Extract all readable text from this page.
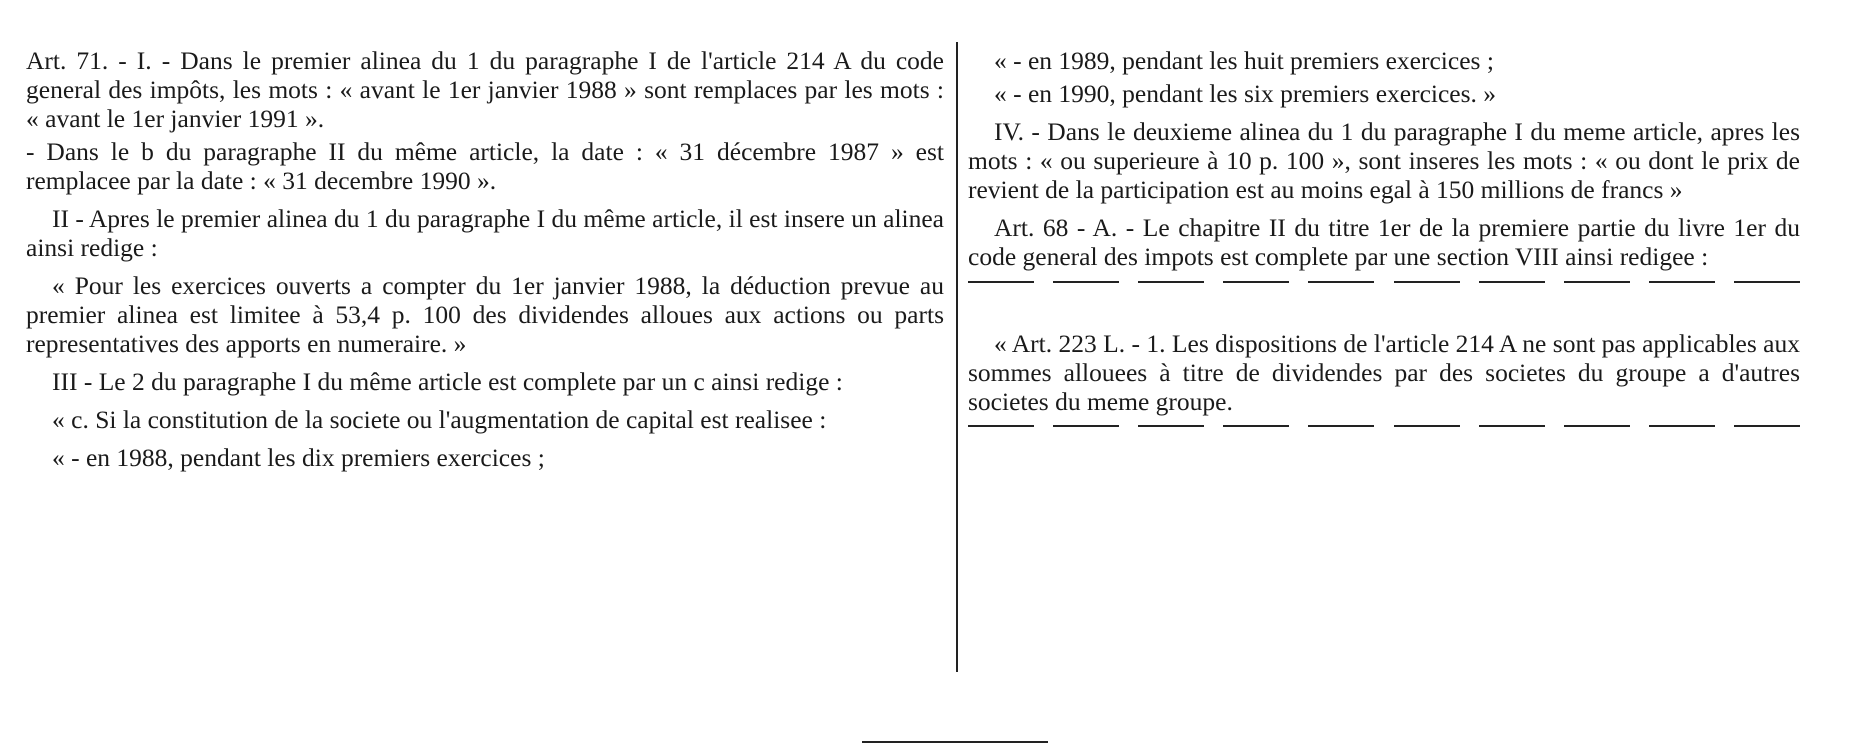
Art. 71. - I. - Dans le premier alinea du 1 du paragraphe I de l'article 214 A du code general des impôts, les mots : « avant le 1er janvier 1988 » sont remplaces par les mots : « avant le 1er janvier 1991 ».

- Dans le b du paragraphe II du même article, la date : « 31 décembre 1987 » est remplacee par la date : « 31 decembre 1990 ».

II - Apres le premier alinea du 1 du paragraphe I du même article, il est insere un alinea ainsi redige :

« Pour les exercices ouverts a compter du 1er janvier 1988, la déduction prevue au premier alinea est limitee à 53,4 p. 100 des dividendes alloues aux actions ou parts representatives des apports en numeraire. »

III - Le 2 du paragraphe I du même article est complete par un c ainsi redige :

« c. Si la constitution de la societe ou l'augmentation de capital est realisee :

« - en 1988, pendant les dix premiers exercices ;

« - en 1989, pendant les huit premiers exercices ;

« - en 1990, pendant les six premiers exercices. »

IV. - Dans le deuxieme alinea du 1 du paragraphe I du meme article, apres les mots : « ou superieure à 10 p. 100 », sont inseres les mots : « ou dont le prix de revient de la participation est au moins egal à 150 millions de francs »

Art. 68 - A. - Le chapitre II du titre 1er de la premiere partie du livre 1er du code general des impots est complete par une section VIII ainsi redigee :

« Art. 223 L. - 1. Les dispositions de l'article 214 A ne sont pas applicables aux sommes allouees à titre de dividendes par des societes du groupe a d'autres societes du meme groupe.
